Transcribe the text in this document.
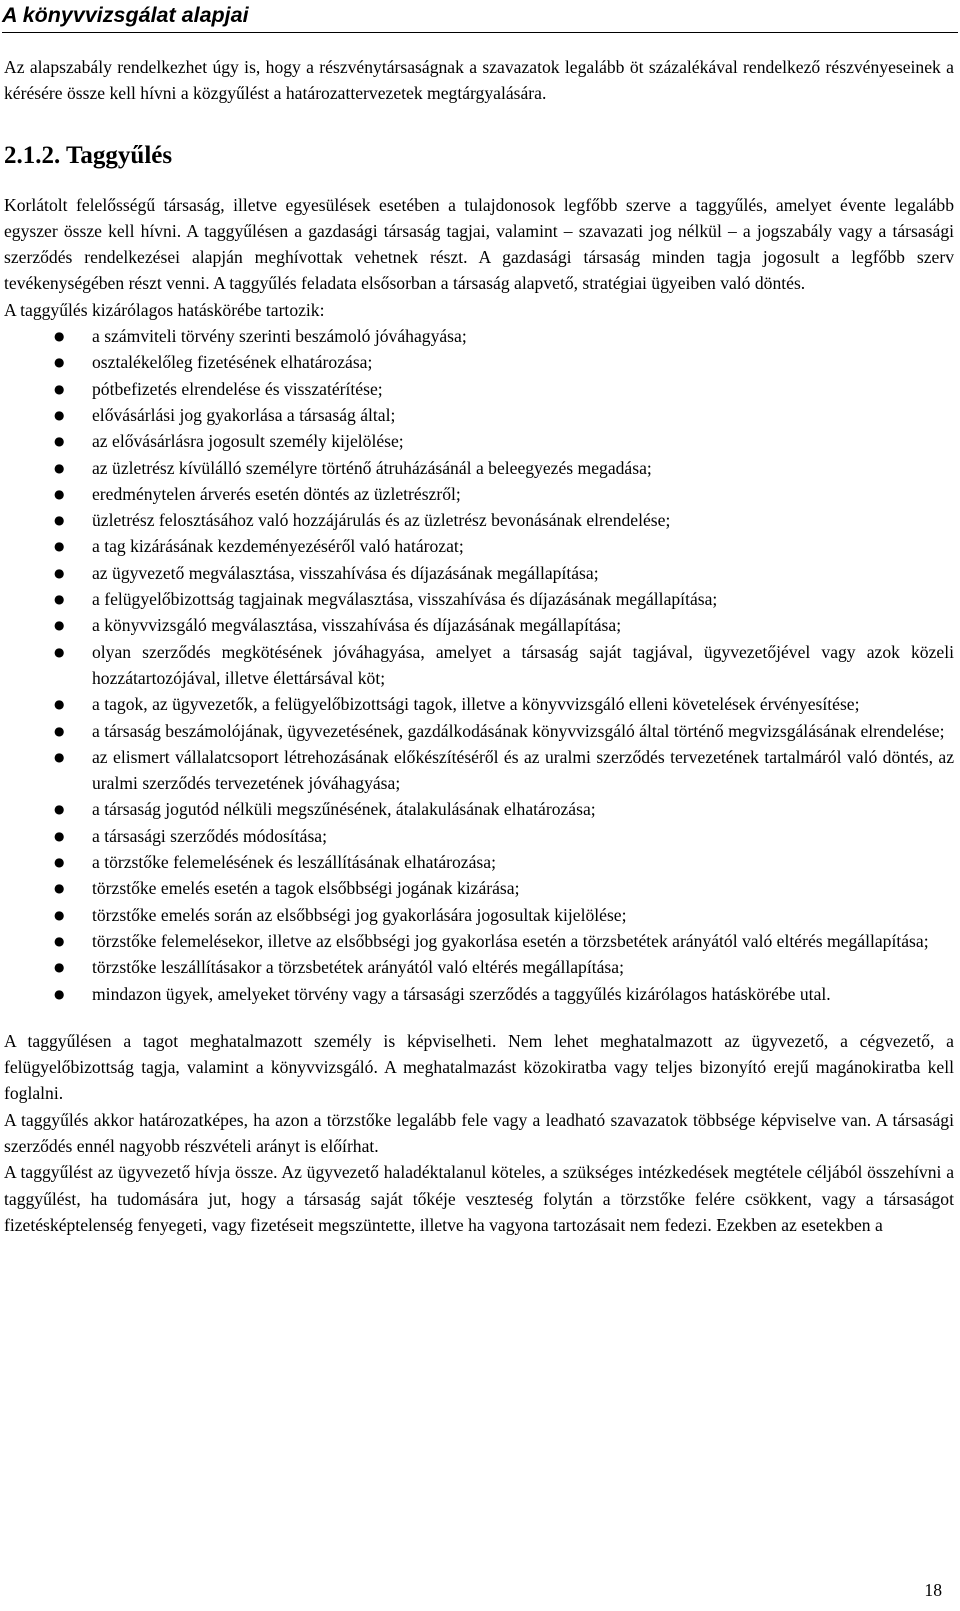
A könyvvizsgálat alapjai

Az alapszabály rendelkezhet úgy is, hogy a részvénytársaságnak a szavazatok legalább öt százalékával rendelkező részvényeseinek a kérésére össze kell hívni a közgyűlést a határozattervezetek megtárgyalására.

2.1.2. Taggyűlés

Korlátolt felelősségű társaság, illetve egyesülések esetében a tulajdonosok legfőbb szerve a taggyűlés, amelyet évente legalább egyszer össze kell hívni. A taggyűlésen a gazdasági társaság tagjai, valamint – szavazati jog nélkül – a jogszabály vagy a társasági szerződés rendelkezései alapján meghívottak vehetnek részt. A gazdasági társaság minden tagja jogosult a legfőbb szerv tevékenységében részt venni. A taggyűlés feladata elsősorban a társaság alapvető, stratégiai ügyeiben való döntés.

A taggyűlés kizárólagos hatáskörébe tartozik:

● a számviteli törvény szerinti beszámoló jóváhagyása;
● osztalékelőleg fizetésének elhatározása;
● pótbefizetés elrendelése és visszatérítése;
● elővásárlási jog gyakorlása a társaság által;
● az elővásárlásra jogosult személy kijelölése;
● az üzletrész kívülálló személyre történő átruházásánál a beleegyezés megadása;
● eredménytelen árverés esetén döntés az üzletrészről;
● üzletrész felosztásához való hozzájárulás és az üzletrész bevonásának elrendelése;
● a tag kizárásának kezdeményezéséről való határozat;
● az ügyvezető megválasztása, visszahívása és díjazásának megállapítása;
● a felügyelőbizottság tagjainak megválasztása, visszahívása és díjazásának megállapítása;
● a könyvvizsgáló megválasztása, visszahívása és díjazásának megállapítása;
● olyan szerződés megkötésének jóváhagyása, amelyet a társaság saját tagjával, ügyvezetőjével vagy azok közeli hozzátartozójával, illetve élettársával köt;
● a tagok, az ügyvezetők, a felügyelőbizottsági tagok, illetve a könyvvizsgáló elleni követelések érvényesítése;
● a társaság beszámolójának, ügyvezetésének, gazdálkodásának könyvvizsgáló által történő megvizsgálásának elrendelése;
● az elismert vállalatcsoport létrehozásának előkészítéséről és az uralmi szerződés tervezetének tartalmáról való döntés, az uralmi szerződés tervezetének jóváhagyása;
● a társaság jogutód nélküli megszűnésének, átalakulásának elhatározása;
● a társasági szerződés módosítása;
● a törzstőke felemelésének és leszállításának elhatározása;
● törzstőke emelés esetén a tagok elsőbbségi jogának kizárása;
● törzstőke emelés során az elsőbbségi jog gyakorlására jogosultak kijelölése;
● törzstőke felemelésekor, illetve az elsőbbségi jog gyakorlása esetén a törzsbetétek arányától való eltérés megállapítása;
● törzstőke leszállításakor a törzsbetétek arányától való eltérés megállapítása;
● mindazon ügyek, amelyeket törvény vagy a társasági szerződés a taggyűlés kizárólagos hatáskörébe utal.

A taggyűlésen a tagot meghatalmazott személy is képviselheti. Nem lehet meghatalmazott az ügyvezető, a cégvezető, a felügyelőbizottság tagja, valamint a könyvvizsgáló. A meghatalmazást közokiratba vagy teljes bizonyító erejű magánokiratba kell foglalni.

A taggyűlés akkor határozatképes, ha azon a törzstőke legalább fele vagy a leadható szavazatok többsége képviselve van. A társasági szerződés ennél nagyobb részvételi arányt is előírhat.

A taggyűlést az ügyvezető hívja össze. Az ügyvezető haladéktalanul köteles, a szükséges intézkedések megtétele céljából összehívni a taggyűlést, ha tudomására jut, hogy a társaság saját tőkéje veszteség folytán a törzstőke felére csökkent, vagy a társaságot fizetésképtelenség fenyegeti, vagy fizetéseit megszüntette, illetve ha vagyona tartozásait nem fedezi. Ezekben az esetekben a

18
